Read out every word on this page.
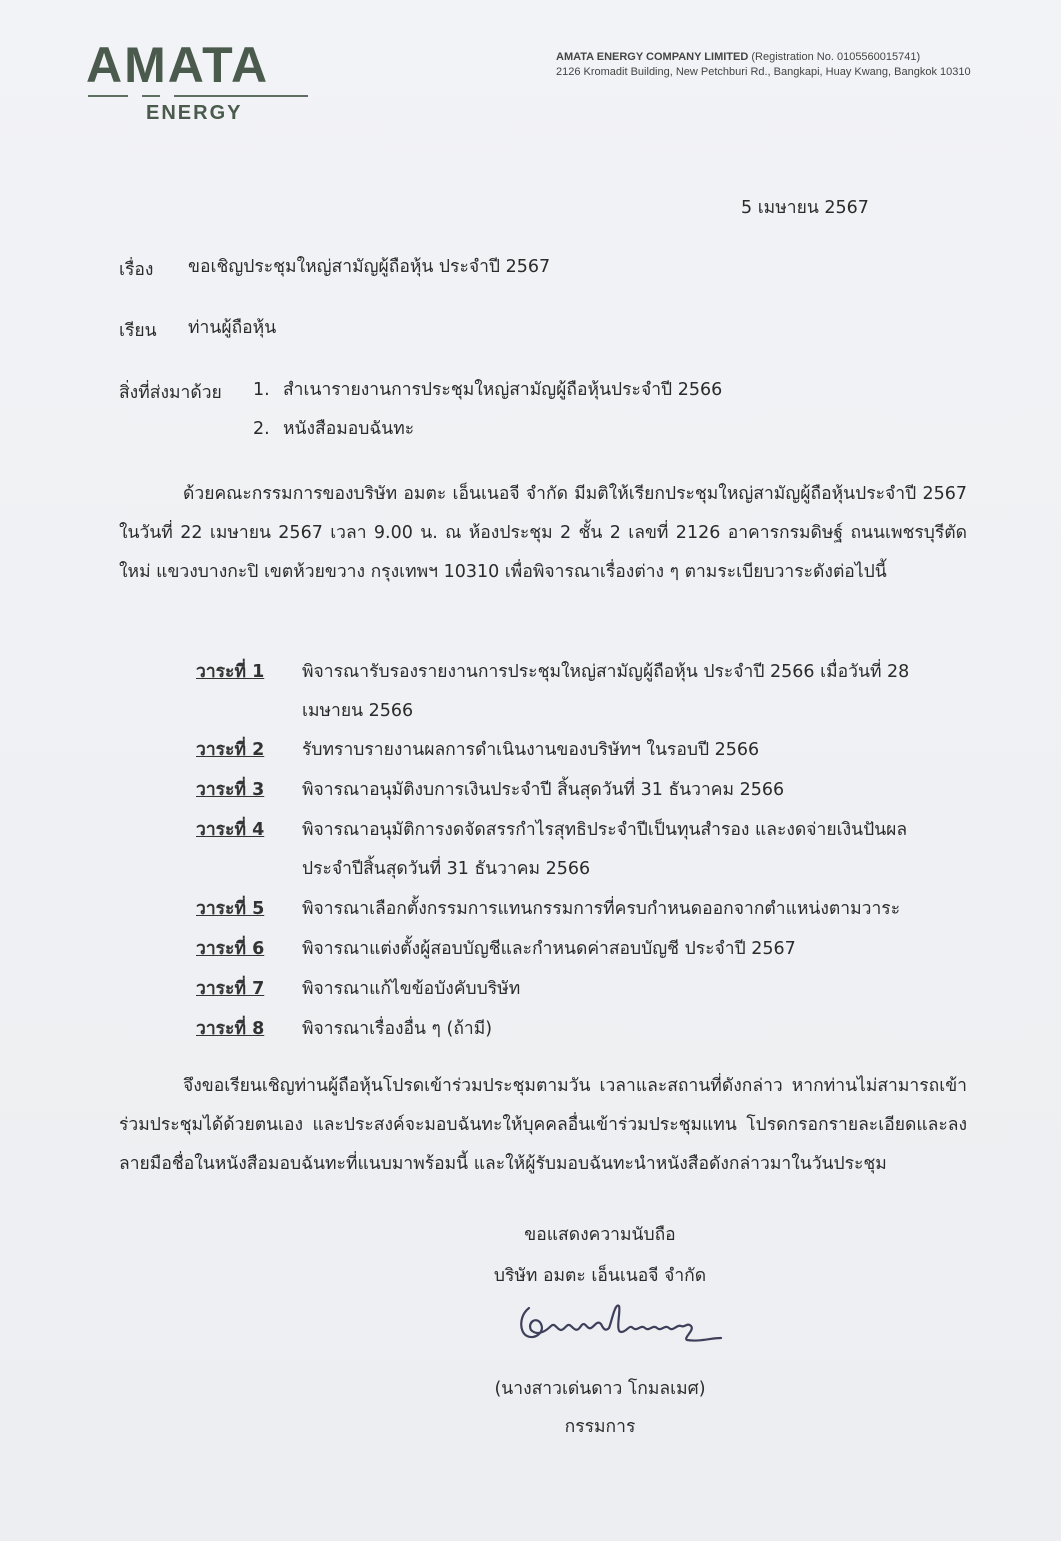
AMATA
ENERGY
AMATA ENERGY COMPANY LIMITED (Registration No. 0105560015741)
2126 Kromadit Building, New Petchburi Rd., Bangkapi, Huay Kwang, Bangkok 10310
5 เมษายน 2567
เรื่อง ขอเชิญประชุมใหญ่สามัญผู้ถือหุ้น ประจำปี 2567
เรียน ท่านผู้ถือหุ้น
สิ่งที่ส่งมาด้วย 1. สำเนารายงานการประชุมใหญ่สามัญผู้ถือหุ้นประจำปี 2566
2. หนังสือมอบฉันทะ
ด้วยคณะกรรมการของบริษัท อมตะ เอ็นเนอจี จำกัด มีมติให้เรียกประชุมใหญ่สามัญผู้ถือหุ้นประจำปี 2567 ในวันที่ 22 เมษายน 2567 เวลา 9.00 น. ณ ห้องประชุม 2 ชั้น 2 เลขที่ 2126 อาคารกรมดิษฐ์ ถนนเพชรบุรีตัดใหม่ แขวงบางกะปิ เขตห้วยขวาง กรุงเทพฯ 10310 เพื่อพิจารณาเรื่องต่าง ๆ ตามระเบียบวาระดังต่อไปนี้
วาระที่ 1 พิจารณารับรองรายงานการประชุมใหญ่สามัญผู้ถือหุ้น ประจำปี 2566 เมื่อวันที่ 28 เมษายน 2566
วาระที่ 2 รับทราบรายงานผลการดำเนินงานของบริษัทฯ ในรอบปี 2566
วาระที่ 3 พิจารณาอนุมัติงบการเงินประจำปี สิ้นสุดวันที่ 31 ธันวาคม 2566
วาระที่ 4 พิจารณาอนุมัติการงดจัดสรรกำไรสุทธิประจำปีเป็นทุนสำรอง และงดจ่ายเงินปันผลประจำปีสิ้นสุดวันที่ 31 ธันวาคม 2566
วาระที่ 5 พิจารณาเลือกตั้งกรรมการแทนกรรมการที่ครบกำหนดออกจากตำแหน่งตามวาระ
วาระที่ 6 พิจารณาแต่งตั้งผู้สอบบัญชีและกำหนดค่าสอบบัญชี ประจำปี 2567
วาระที่ 7 พิจารณาแก้ไขข้อบังคับบริษัท
วาระที่ 8 พิจารณาเรื่องอื่น ๆ (ถ้ามี)
จึงขอเรียนเชิญท่านผู้ถือหุ้นโปรดเข้าร่วมประชุมตามวัน เวลาและสถานที่ดังกล่าว หากท่านไม่สามารถเข้าร่วมประชุมได้ด้วยตนเอง และประสงค์จะมอบฉันทะให้บุคคลอื่นเข้าร่วมประชุมแทน โปรดกรอกรายละเอียดและลงลายมือชื่อในหนังสือมอบฉันทะที่แนบมาพร้อมนี้ และให้ผู้รับมอบฉันทะนำหนังสือดังกล่าวมาในวันประชุม
ขอแสดงความนับถือ
บริษัท อมตะ เอ็นเนอจี จำกัด
(นางสาวเด่นดาว โกมลเมศ)
กรรมการ
